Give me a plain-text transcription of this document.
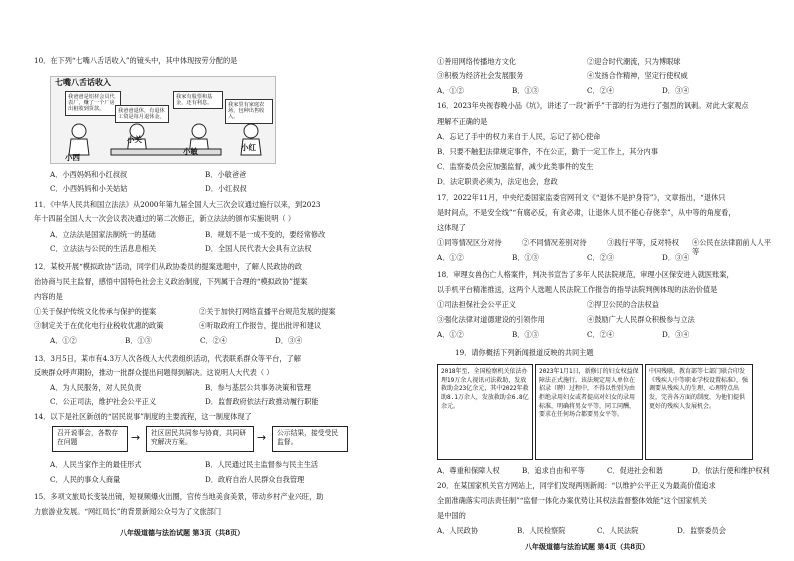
10．在下列“七嘴八舌话收入”的镜头中，其中体现按劳分配的是
七嘴八舌话收入
我爸爸是铝材会员代表厂，赚了一个厂房出租收到货款。	我爸爸退休，有退休工资是每月退休金。
我家有股票和基金，还有利息。	我家里有家庭农场，包种出售收入。
小西
小关
小敏	小红
A．小西妈妈和小红叔叔	B．小敏爸爸
C．小西妈妈和小关姑姑	D．小红叔叔
11．《中华人民共和国立法法》从2000年第九届全国人大三次会议通过施行以来，到2023
年十四届全国人大一次会议表决通过的第二次修正，新立法法的颁布实施说明（ ）
A．立法法是国家法制统一的基础	B．规划不是一成不变的，要经常修改
C．立法法与公民的生活息息相关	D．全国人民代表大会具有立法权
12．某校开展“模拟政协”活动，同学们从政协委员的提案选题中，了解人民政协的政
治协商与民主监督，感悟中国特色社会主义政治制度，下列属于合理的“模拟政协”提案
内容的是
①关于保护传统文化传承与保护的提案	②关于加快打网络直播平台规范发展的提案
③制定关于在优化电行业税收优惠的政策	④听取政府工作报告，提出批评和建议
A．①②	B．①③	C．②④	D．③④
13．3月5日，某市有4.3万人次各级人大代表组织活动，代表联系群众等平台，了解
反映群众呼声期盼，推动一批群众提出问题得到解决。这说明人大代表（ ）
A．为人民服务，对人民负责	B．参与基层公共事务决策和管理
C．公正司法，维护社会公平正义	D．监督政府依法行政推动履行职能
14．以下是社区新创的“居民说事”制度的主要流程，这一制度体现了
召开说事会，各数存在问题	→	社区居民共同参与协商，共同研究解决方案。	→	公示结果，接受受民监督。
A．人民当家作主的最佳形式	B．人民通过民主监督参与民主生活
C．人民的事众人商量	D．政府自治人民群众自我管理
15．多项文旅局长变装出镜，短视频爆火出圈，官传当地美食美景，带动乡村产业兴旺，助
力旅游业发展。“网红局长”的背景新闻公众号为了文旅部门
八年级道德与法治试题 第3页（共8页）
①善用网络传播地方文化	②迎合时代潮流，只为博眼球
③积极为经济社会发展服务	④发扬合作精神，坚定行使权威
A．①②	B．①③	C．②④	D．③④
16．2023年央视春晚小品《坑》，讲述了一段“新乎”干部的行为进行了强烈的讽刺。对此大家观点
理解不正确的是
A．忘记了手中的权力来自于人民，忘记了初心使命
B．只要不触犯法律规定事件，不在公正，勤于一定工作上，其分内事
C．监察委员会应加强监督，减少此类事件的发生
D．法定职责必须为，法定也会，怠政
17．2022年11月，中央纪委国家监委官网刊文《“退休不是护身符”》，文章指出，“退休只
是时间点，不是安全线”“有腐必反，有贪必肃，让退休人员不能心存侥幸”，从中等的角度看，
这体现了
①同等情况区分对待	②不同情况差别对待	③践行平等，反对特权	④公民在法律面前人人平等
A．①②	B．①③	C．②③	D．③④
18．审理女兽伤亡人格案件，判决书宣告了多年人民法院规范，审理小区保安进入就医账案，
以手机平台精准推送，这两个人选题人民法院工作报告的指导法院判例体现的法治价值是
①司法担保社会公平正义	②捍卫公民的合法权益
③强化法律对道德建设的引领作用	④鼓励广大人民群众积极参与立法
A．①②	B．①③	C．②④	D．③④
19．请你概括下列新闻报道反映的共同主题
2018年至，全国检察机关依法办理19万余人视讯司法救助，发放救助金23亿余元，其中2022年救助8.1万余人，发放救助金6.8亿余元。
2023年1月1日，新修订的妇女权益保障法正式施行。该法规定用人单位在招录（聘）过程中，不得以性别为由拒绝录用妇女或者提高对妇女的录用标准，明确将男女平等，同工同酬，要求在任何场合都要男女平等。
中国残联、教育部等七部门联合印发《残疾人中等职业学校设置标准》，强调要从残疾人的生理、心理特点出发，完善各方面的制度，为他们提供更好的残疾人发展机会。
A．尊重和保障人权	B．追求自由和平等	C．促进社会和谐	D．依法行使和维护权利
20．在某国家机关官方网站上，同学们发现两则新闻：“以维护公平正义为最高价值追求
全面准确落实司法责任制”“监督一体化办案优势让其权法监督整体效能”这个国家机关
是中国的
A．人民政协	B．人民检察院	C．人民法院	D．监察委员会
八年级道德与法治试题 第4页（共8页）
